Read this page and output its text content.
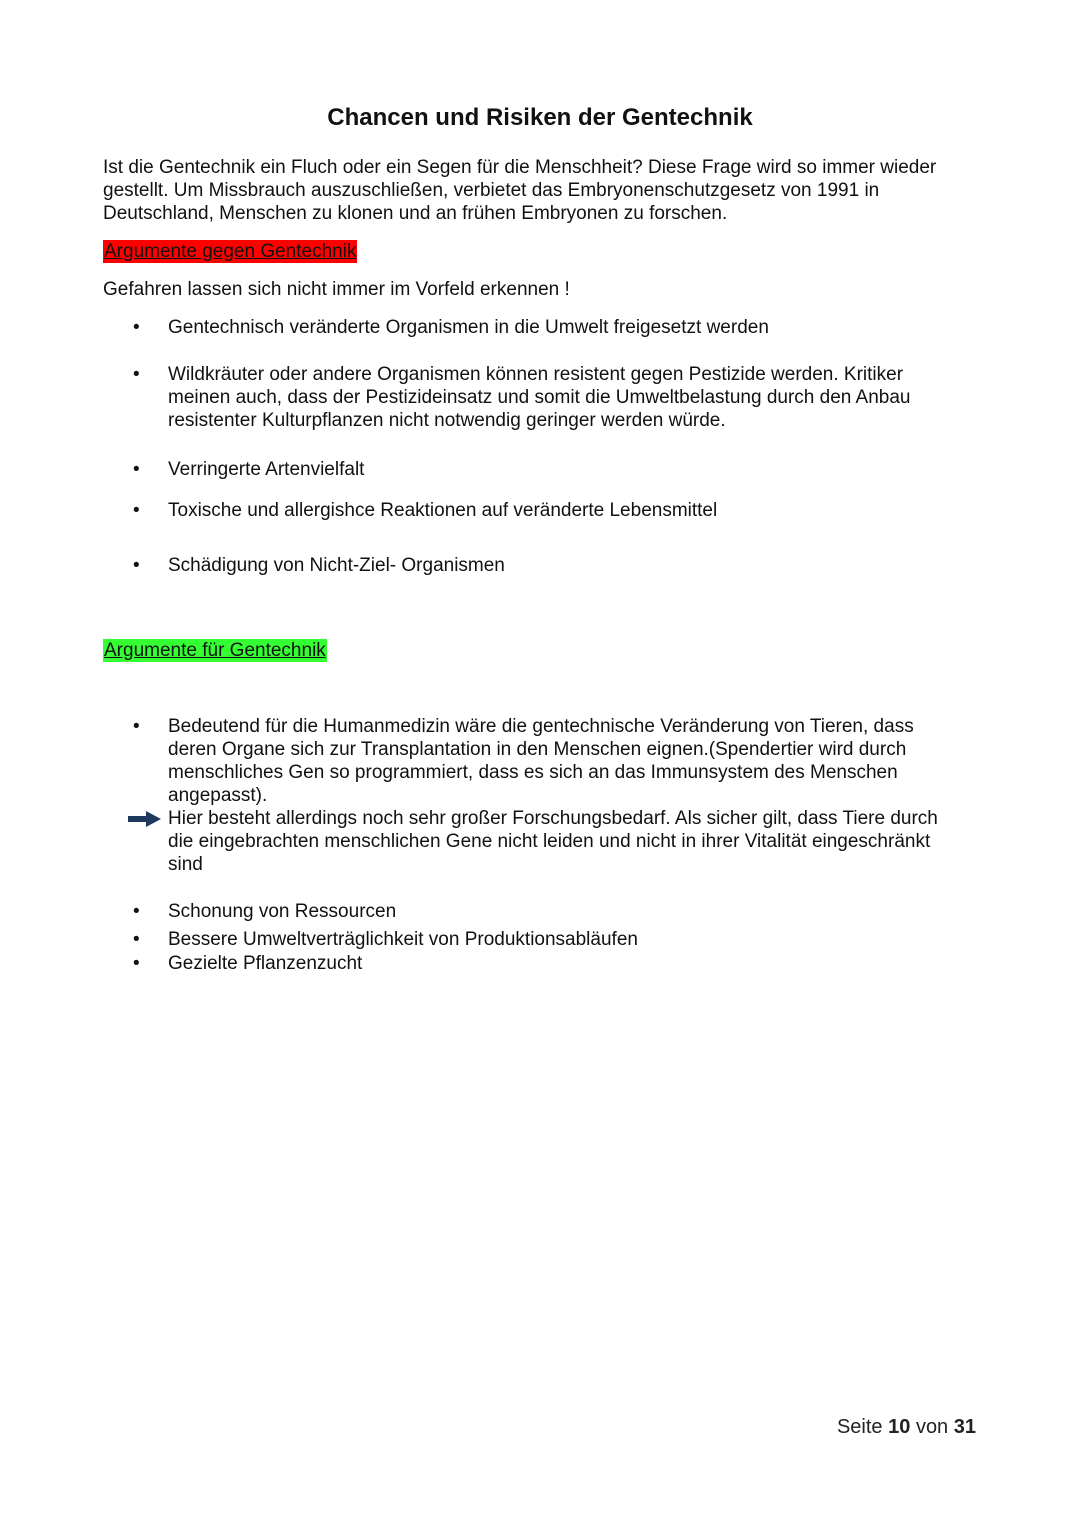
Chancen und Risiken der Gentechnik

Ist die Gentechnik ein Fluch oder ein Segen für die Menschheit? Diese Frage wird so immer wieder gestellt. Um Missbrauch auszuschließen, verbietet das Embryonenschutzgesetz von 1991 in Deutschland, Menschen zu klonen und an frühen Embryonen zu forschen.

Argumente gegen Gentechnik

Gefahren lassen sich nicht immer im Vorfeld erkennen !

•	Gentechnisch veränderte Organismen in die Umwelt freigesetzt werden
•	Wildkräuter oder andere Organismen können resistent gegen Pestizide werden. Kritiker meinen auch, dass der Pestizideinsatz und somit die Umweltbelastung durch den Anbau resistenter Kulturpflanzen nicht notwendig geringer werden würde.
•	Verringerte Artenvielfalt
•	Toxische und allergishce Reaktionen auf veränderte Lebensmittel
•	Schädigung von Nicht-Ziel- Organismen
Argumente für Gentechnik
•	Bedeutend für die Humanmedizin wäre die gentechnische Veränderung von Tieren, dass deren Organe sich zur Transplantation in den Menschen eignen.(Spendertier wird durch menschliches Gen so programmiert, dass es sich an das Immunsystem des Menschen angepasst).
Hier besteht allerdings noch sehr großer Forschungsbedarf. Als sicher gilt, dass Tiere durch die eingebrachten menschlichen Gene nicht leiden und nicht in ihrer Vitalität eingeschränkt sind
•	Schonung von Ressourcen
•	Bessere Umweltverträglichkeit von Produktionsabläufen
•	Gezielte Pflanzenzucht
Seite 10 von 31
